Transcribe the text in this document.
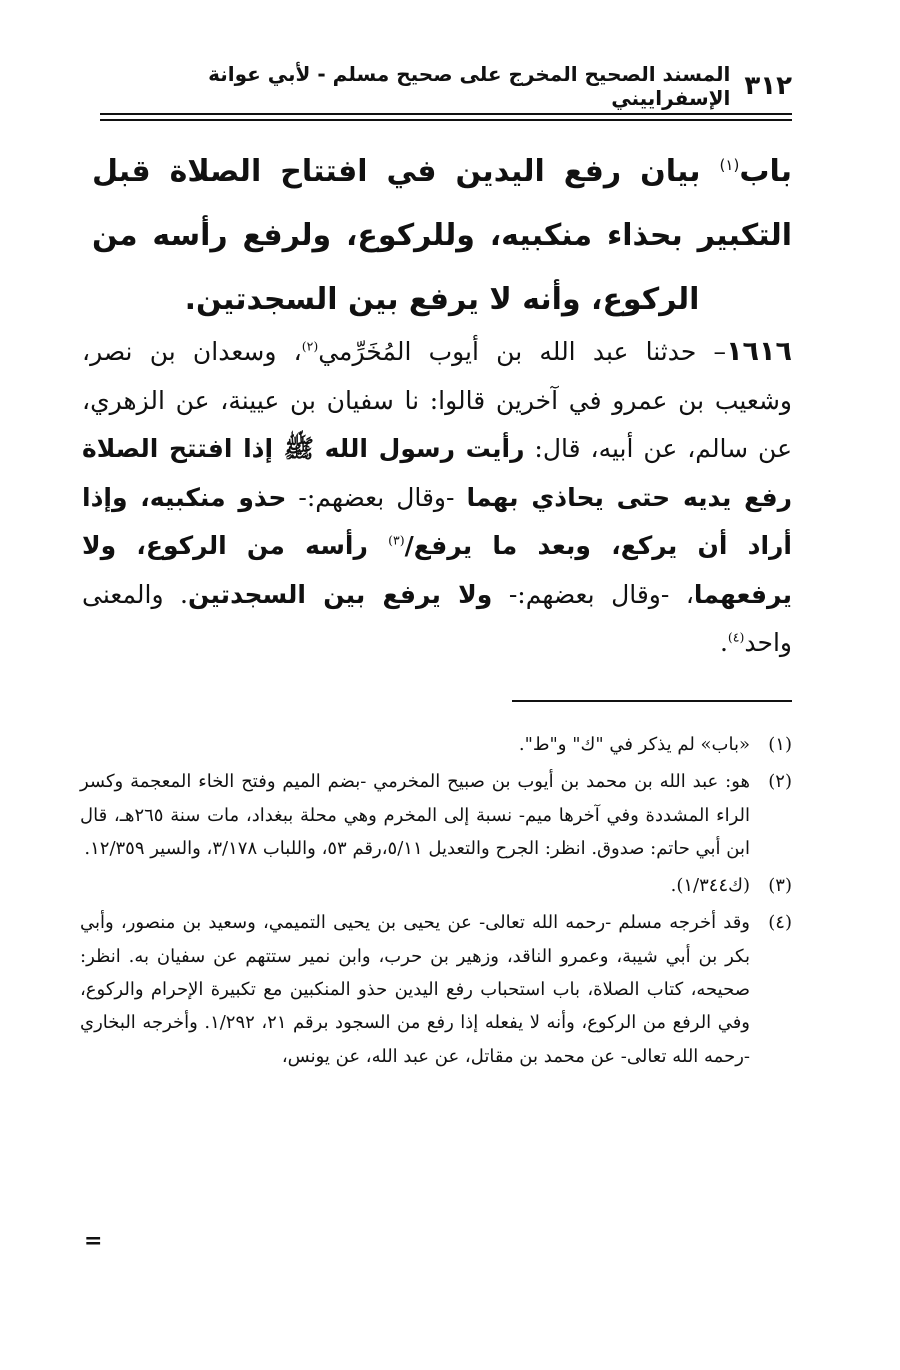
٣١٢
المسند الصحيح المخرج على صحيح مسلم - لأبي عوانة الإسفراييني
باب$^{(١)}$ بيان رفع اليدين في افتتاح الصلاة قبل التكبير بحذاء منكبيه، وللركوع، ولرفع رأسه من الركوع، وأنه لا يرفع بين السجدتين.
١٦١٦– حدثنا عبد الله بن أيوب المُخَرِّمي$^{(٢)}$، وسعدان بن نصر، وشعيب بن عمرو في آخرين قالوا: نا سفيان بن عيينة، عن الزهري، عن سالم، عن أبيه، قال: رأيت رسول الله ﷺ إذا افتتح الصلاة رفع يديه حتى يحاذي بهما -وقال بعضهم:- حذو منكبيه، وإذا أراد أن يركع، وبعد ما يرفع/$^{(٣)}$ رأسه من الركوع، ولا يرفعهما، -وقال بعضهم:- ولا يرفع بين السجدتين. والمعنى واحد$^{(٤)}$.
(١)
«باب» لم يذكر في "ك" و"ط".
(٢)
هو: عبد الله بن محمد بن أيوب بن صبيح المخرمي -بضم الميم وفتح الخاء المعجمة وكسر الراء المشددة وفي آخرها ميم- نسبة إلى المخرم وهي محلة ببغداد، مات سنة ٢٦٥هـ، قال ابن أبي حاتم: صدوق. انظر: الجرح والتعديل ٥/١١،رقم ٥٣، واللباب ٣/١٧٨، والسير ١٢/٣٥٩.
(٣)
(ك١/٣٤٤).
(٤)
وقد أخرجه مسلم -رحمه الله تعالى- عن يحيى بن يحيى التميمي، وسعيد بن منصور، وأبي بكر بن أبي شيبة، وعمرو الناقد، وزهير بن حرب، وابن نمير ستتهم عن سفيان به. انظر: صحيحه، كتاب الصلاة، باب استحباب رفع اليدين حذو المنكبين مع تكبيرة الإحرام والركوع، وفي الرفع من الركوع، وأنه لا يفعله إذا رفع من السجود برقم ٢١، ١/٢٩٢. وأخرجه البخاري -رحمه الله تعالى- عن محمد بن مقاتل، عن عبد الله، عن يونس،
=
